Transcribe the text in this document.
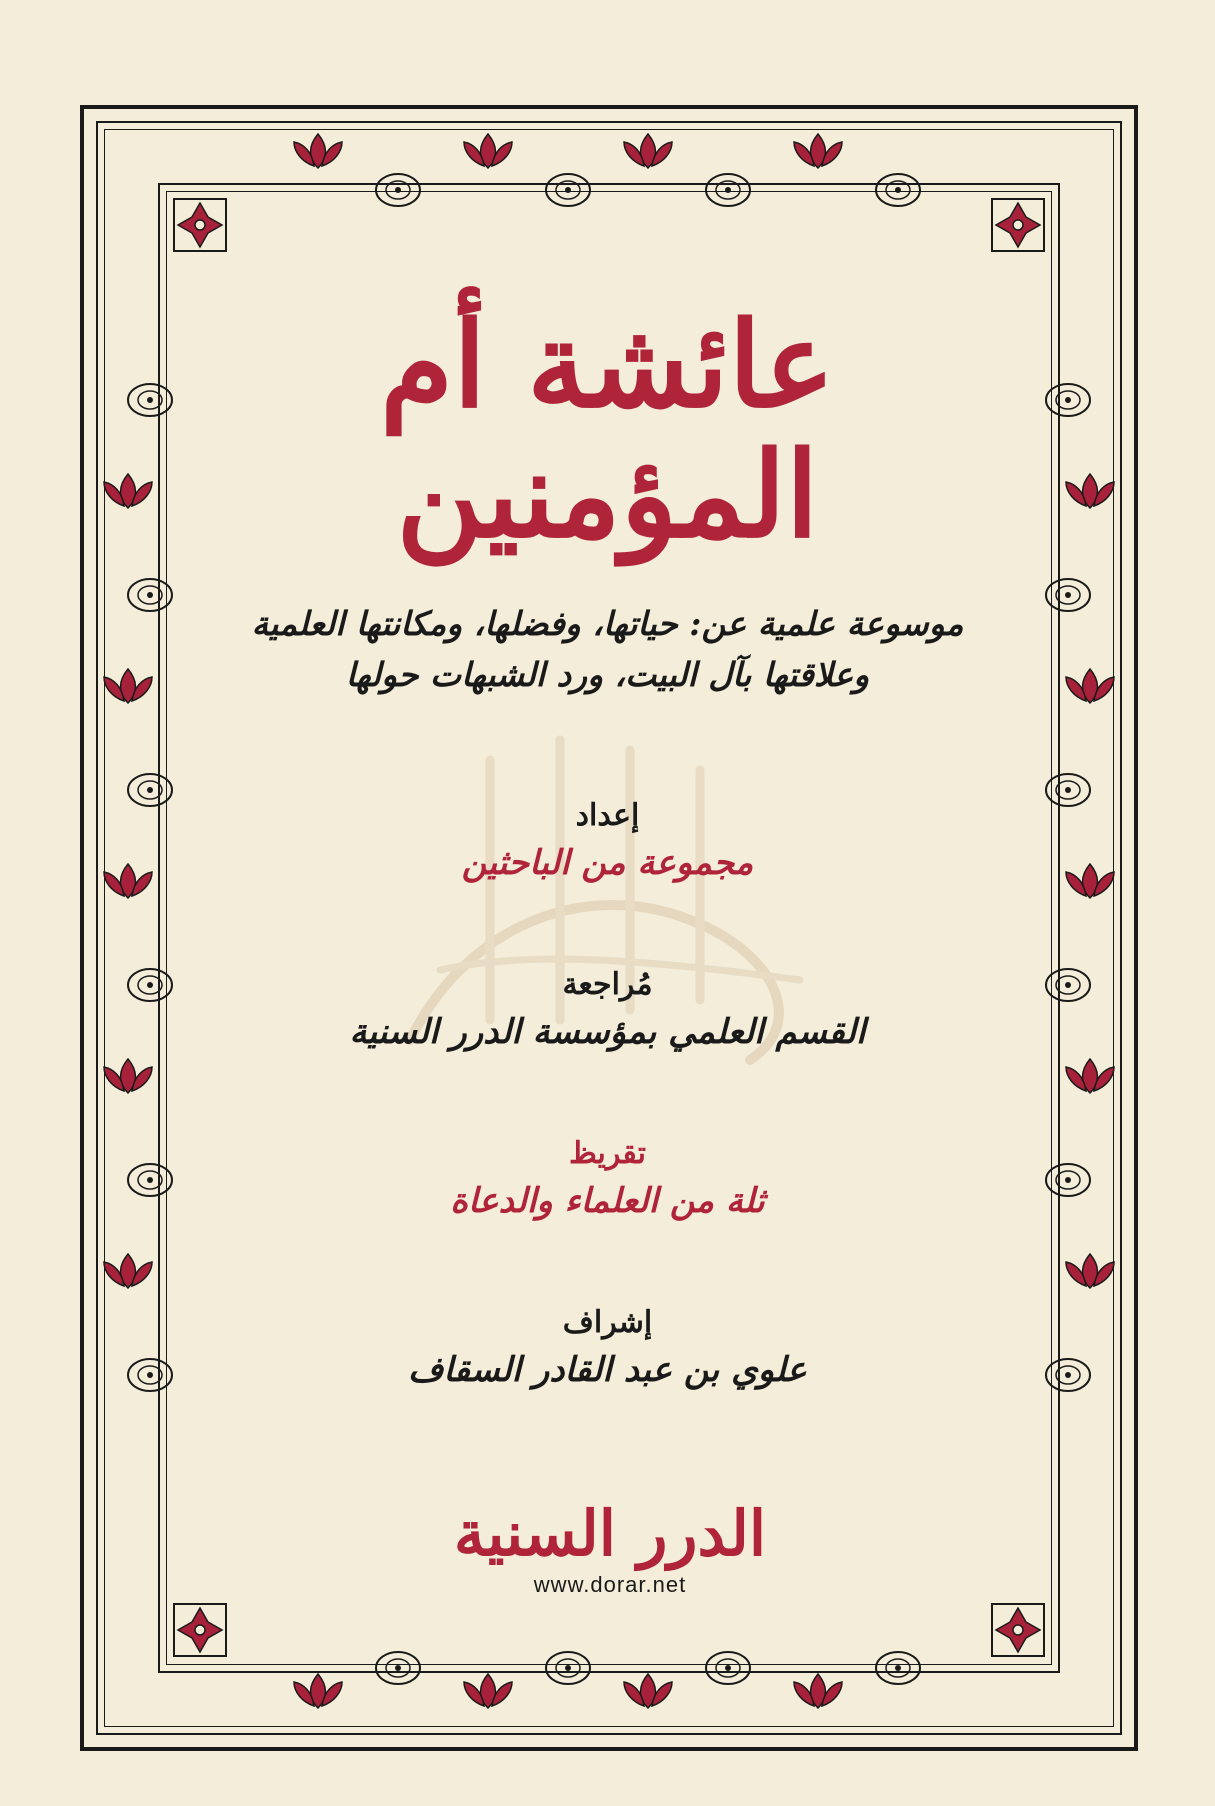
عائشة أم المؤمنين

موسوعة علمية عن: حياتها، وفضلها، ومكانتها العلمية
وعلاقتها بآل البيت، ورد الشبهات حولها

إعداد

مجموعة من الباحثين

مُراجعة

القسم العلمي بمؤسسة الدرر السنية

تقريظ

ثلة من العلماء والدعاة

إشراف

علوي بن عبد القادر السقاف

الدرر السنية

www.dorar.net
